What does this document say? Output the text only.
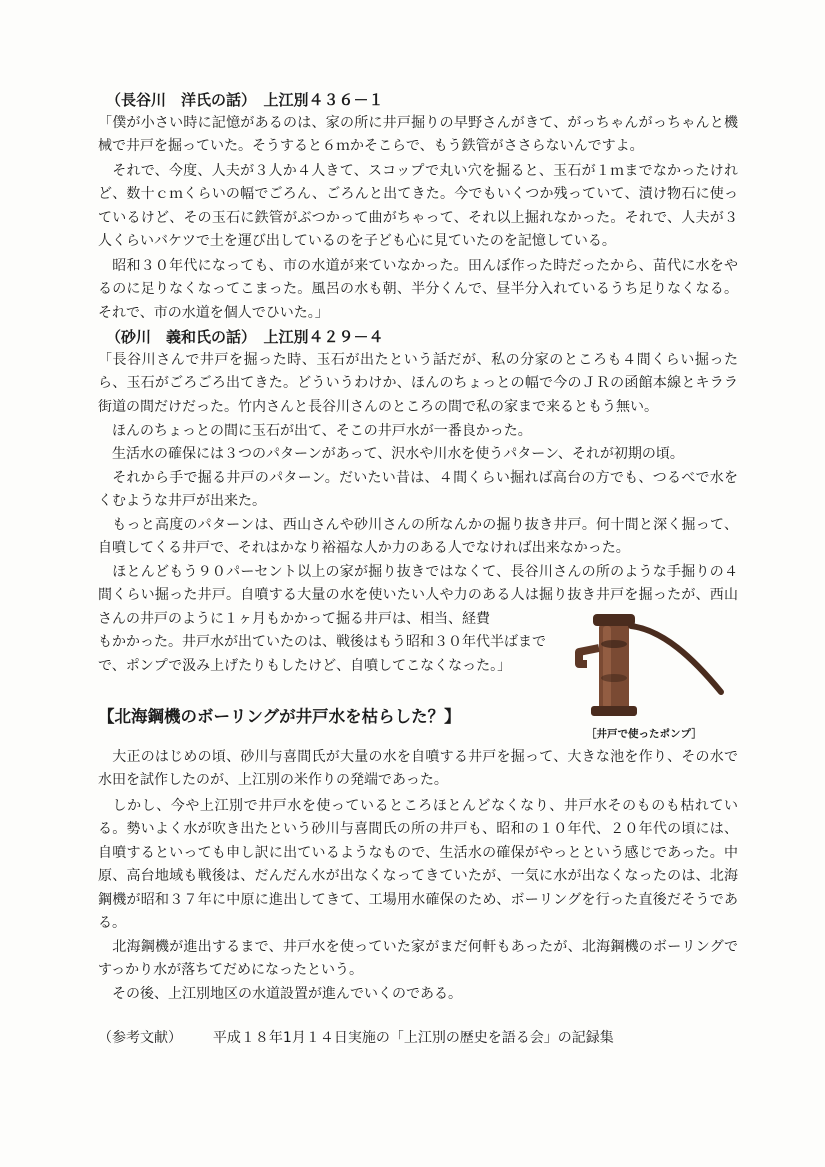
（長谷川　洋氏の話）　上江別４３６－１

「僕が小さい時に記憶があるのは、家の所に井戸掘りの早野さんがきて、がっちゃんがっちゃんと機械で井戸を掘っていた。そうすると６ｍかそこらで、もう鉄管がささらないんですよ。

　それで、今度、人夫が３人か４人きて、スコップで丸い穴を掘ると、玉石が１ｍまでなかったけれど、数十ｃｍくらいの幅でごろん、ごろんと出てきた。今でもいくつか残っていて、漬け物石に使っているけど、その玉石に鉄管がぶつかって曲がちゃって、それ以上掘れなかった。それで、人夫が３人くらいバケツで土を運び出しているのを子ども心に見ていたのを記憶している。

　昭和３０年代になっても、市の水道が来ていなかった。田んぼ作った時だったから、苗代に水をやるのに足りなくなってこまった。風呂の水も朝、半分くんで、昼半分入れているうち足りなくなる。それで、市の水道を個人でひいた。」

（砂川　義和氏の話）　上江別４２９－４

「長谷川さんで井戸を掘った時、玉石が出たという話だが、私の分家のところも４間くらい掘ったら、玉石がごろごろ出てきた。どういうわけか、ほんのちょっとの幅で今のＪＲの函館本線とキララ街道の間だけだった。竹内さんと長谷川さんのところの間で私の家まで来るともう無い。

　ほんのちょっとの間に玉石が出て、そこの井戸水が一番良かった。

　生活水の確保には３つのパターンがあって、沢水や川水を使うパターン、それが初期の頃。

　それから手で掘る井戸のパターン。だいたい昔は、４間くらい掘れば高台の方でも、つるべで水をくむような井戸が出来た。

　もっと高度のパターンは、西山さんや砂川さんの所なんかの掘り抜き井戸。何十間と深く掘って、自噴してくる井戸で、それはかなり裕福な人か力のある人でなければ出来なかった。

　ほとんどもう９０パーセント以上の家が掘り抜きではなくて、長谷川さんの所のような手掘りの４間くらい掘った井戸。自噴する大量の水を使いたい人や力のある人は掘り抜き井戸を掘ったが、西山さんの井戸のように１ヶ月もかかって掘る井戸は、相当、経費

もかかった。井戸水が出ていたのは、戦後はもう昭和３０年代半ばまで

で、ポンプで汲み上げたりもしたけど、自噴してこなくなった。」

【北海鋼機のボーリングが井戸水を枯らした？】
［井戸で使ったポンプ］

　大正のはじめの頃、砂川与喜間氏が大量の水を自噴する井戸を掘って、大きな池を作り、その水で水田を試作したのが、上江別の米作りの発端であった。

　しかし、今や上江別で井戸水を使っているところほとんどなくなり、井戸水そのものも枯れている。勢いよく水が吹き出たという砂川与喜間氏の所の井戸も、昭和の１０年代、２０年代の頃には、自噴するといっても申し訳に出ているようなもので、生活水の確保がやっとという感じであった。中原、高台地域も戦後は、だんだん水が出なくなってきていたが、一気に水が出なくなったのは、北海鋼機が昭和３７年に中原に進出してきて、工場用水確保のため、ボーリングを行った直後だそうである。

　北海鋼機が進出するまで、井戸水を使っていた家がまだ何軒もあったが、北海鋼機のボーリングですっかり水が落ちてだめになったという。

　その後、上江別地区の水道設置が進んでいくのである。

（参考文献） 平成１８年1月１４日実施の「上江別の歴史を語る会」の記録集
